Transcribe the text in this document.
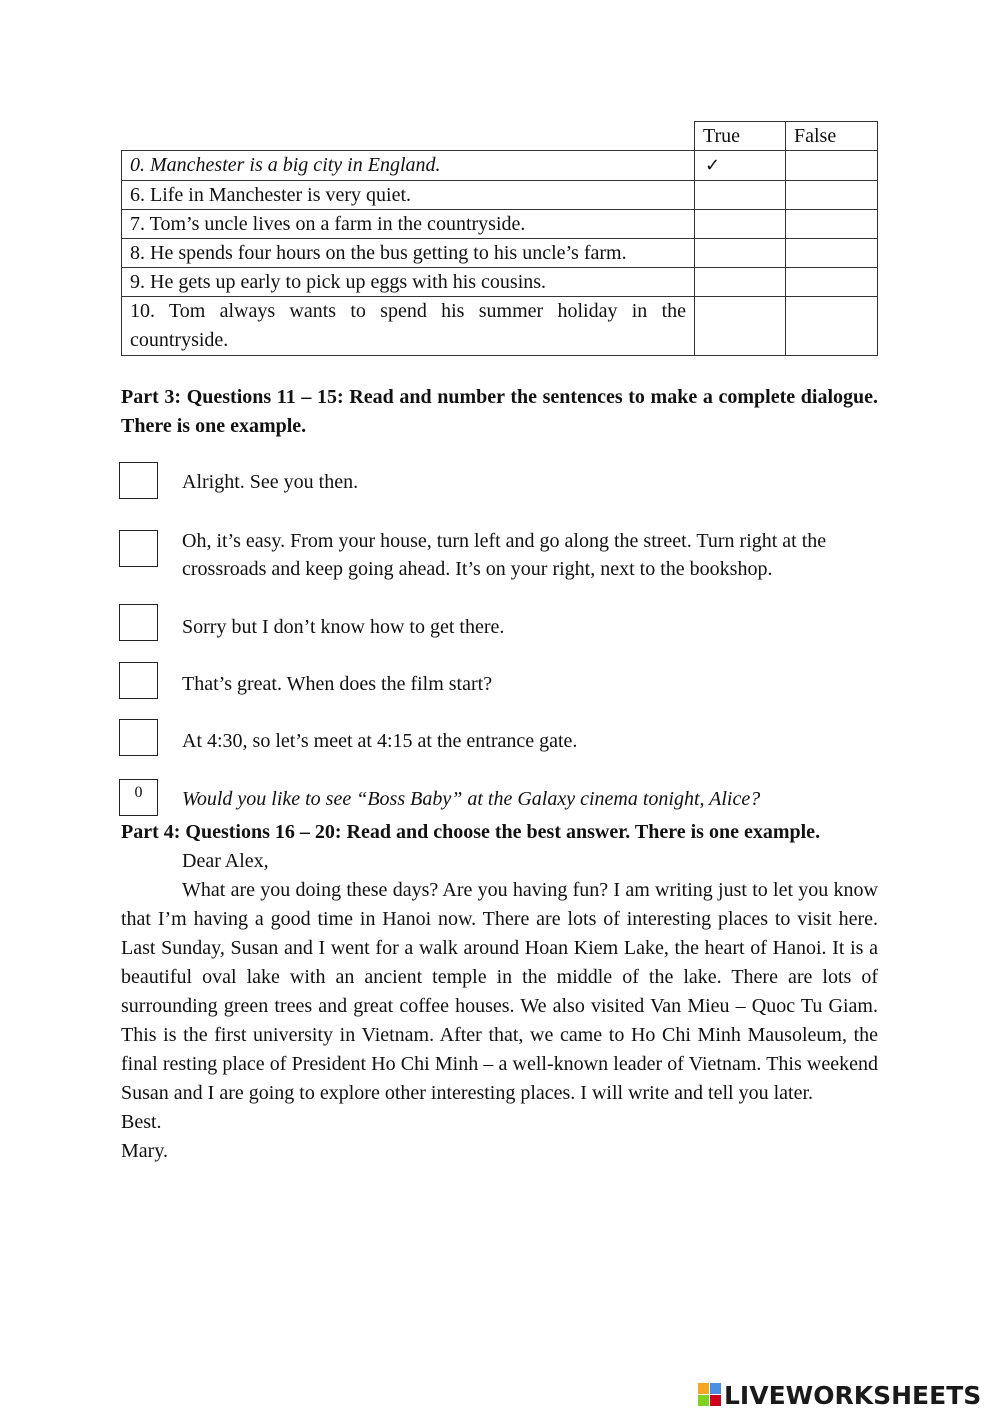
	True	False
0. Manchester is a big city in England.	✓	
6. Life in Manchester is very quiet.		
7. Tom’s uncle lives on a farm in the countryside.		
8. He spends four hours on the bus getting to his uncle’s farm.		
9. He gets up early to pick up eggs with his cousins.		
10. Tom always wants to spend his summer holiday in the countryside.		
Part 3: Questions 11 – 15: Read and number the sentences to make a complete dialogue. There is one example.
Alright. See you then.
Oh, it’s easy. From your house, turn left and go along the street. Turn right at the crossroads and keep going ahead. It’s on your right, next to the bookshop.
Sorry but I don’t know how to get there.
That’s great. When does the film start?
At 4:30, so let’s meet at 4:15 at the entrance gate.
0	Would you like to see “Boss Baby” at the Galaxy cinema tonight, Alice?
Part 4: Questions 16 – 20: Read and choose the best answer. There is one example.

Dear Alex,

What are you doing these days? Are you having fun? I am writing just to let you know that I’m having a good time in Hanoi now. There are lots of interesting places to visit here. Last Sunday, Susan and I went for a walk around Hoan Kiem Lake, the heart of Hanoi. It is a beautiful oval lake with an ancient temple in the middle of the lake. There are lots of surrounding green trees and great coffee houses. We also visited Van Mieu – Quoc Tu Giam. This is the first university in Vietnam. After that, we came to Ho Chi Minh Mausoleum, the final resting place of President Ho Chi Minh – a well-known leader of Vietnam. This weekend Susan and I are going to explore other interesting places. I will write and tell you later.

Best.

Mary.

LIVEWORKSHEETS
